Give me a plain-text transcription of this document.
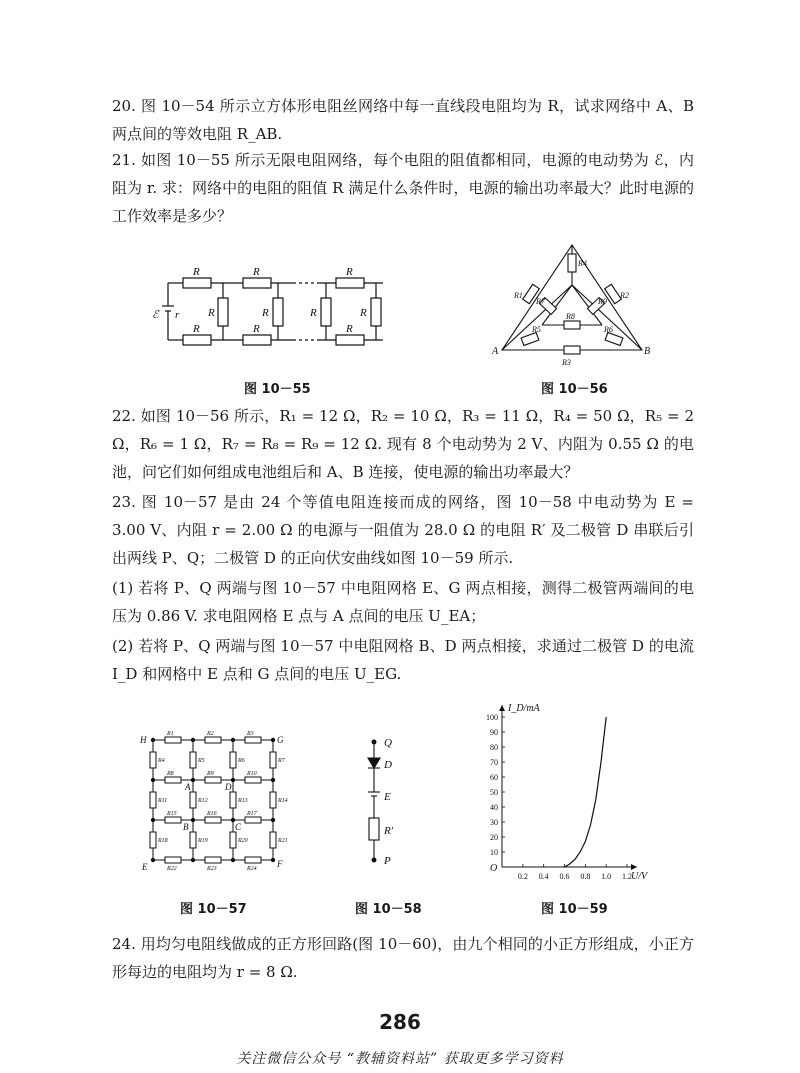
20. 图 10－54 所示立方体形电阻丝网络中每一直线段电阻均为 R，试求网络中 A、B 两点间的等效电阻 R_AB.

21. 如图 10－55 所示无限电阻网络，每个电阻的阻值都相同，电源的电动势为 ℰ，内阻为 r. 求：网络中的电阻的阻值 R 满足什么条件时，电源的输出功率最大？此时电源的工作效率是多少？

ℰ r
R	R	R
R	R	R
R	R	R	R
图 10－55
A	B
R1	R2
R3
R4
R5	R6
R7
R8
R9
图 10－56

22. 如图 10－56 所示，R₁ = 12 Ω，R₂ = 10 Ω，R₃ = 11 Ω，R₄ = 50 Ω，R₅ = 2 Ω，R₆ = 1 Ω，R₇ = R₈ = R₉ = 12 Ω. 现有 8 个电动势为 2 V、内阻为 0.55 Ω 的电池，问它们如何组成电池组后和 A、B 连接，使电源的输出功率最大？

23. 图 10－57 是由 24 个等值电阻连接而成的网络，图 10－58 中电动势为 E = 3.00 V、内阻 r = 2.00 Ω 的电源与一阻值为 28.0 Ω 的电阻 R′ 及二极管 D 串联后引出两线 P、Q；二极管 D 的正向伏安曲线如图 10－59 所示.

(1) 若将 P、Q 两端与图 10－57 中电阻网格 E、G 两点相接，测得二极管两端间的电压为 0.86 V. 求电阻网格 E 点与 A 点间的电压 U_EA；

(2) 若将 P、Q 两端与图 10－57 中电阻网格 B、D 两点相接，求通过二极管 D 的电流 I_D 和网格中 E 点和 G 点间的电压 U_EG.

H	G
E	F
A	D
B	C
R1	R2	R3
R4	R5	R6	R7
R8	R9	R10
R11	R12	R13	R14
R15	R16	R17
R18	R19	R20	R21
R22	R23	R24
图 10－57
Q
D
E
R′
P
图 10－58
O
10
20
30
40
50
60
70
80
90
100
0.2 0.4 0.6 0.8 1.0 1.2 U/V
I_D/mA
图 10－59

24. 用均匀电阻线做成的正方形回路(图 10－60)，由九个相同的小正方形组成，小正方形每边的电阻均为 r = 8 Ω.

286
关注微信公众号 “教辅资料站” 获取更多学习资料
